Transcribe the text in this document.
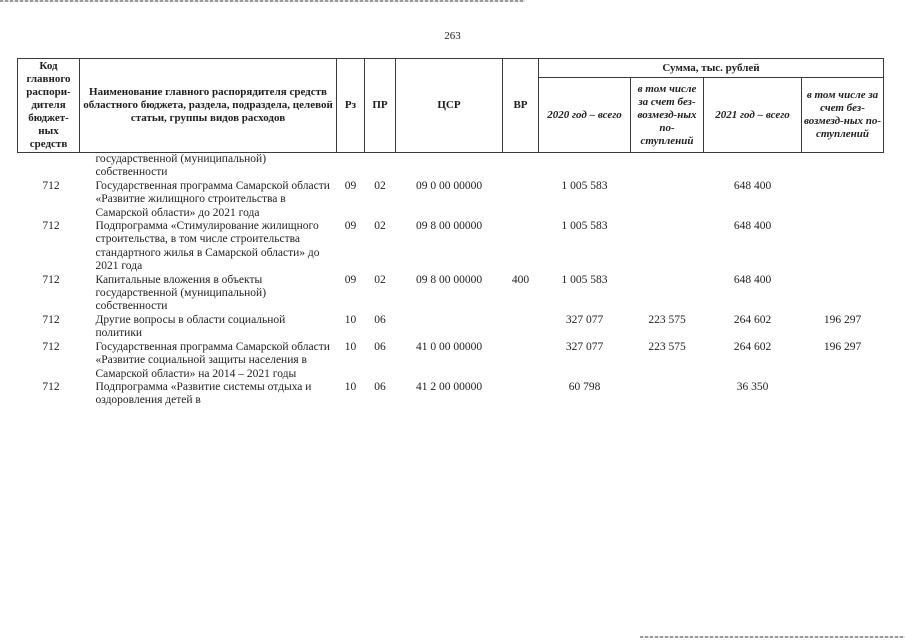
263
Код главного распори-дителя бюджет-ных средств	Наименование главного распорядителя средств областного бюджета, раздела, подраздела, целевой статьи, группы видов расходов	Рз	ПР	ЦСР	ВР	Сумма, тыс. рублей			
						2020 год – всего	в том числе за счет без-возмезд-ных по-ступлений	2021 год – всего	в том числе за счет без-возмезд-ных по-ступлений
	государственной (муниципальной) собственности								
712	Государственная программа Самарской области «Развитие жилищного строительства в Самарской области» до 2021 года	09	02	09 0 00 00000		1 005 583		648 400	
712	Подпрограмма «Стимулирование жилищного строительства, в том числе строительства стандартного жилья в Самарской области» до 2021 года	09	02	09 8 00 00000		1 005 583		648 400	
712	Капитальные вложения в объекты государственной (муниципальной) собственности	09	02	09 8 00 00000	400	1 005 583		648 400	
712	Другие вопросы в области социальной политики	10	06			327 077	223 575	264 602	196 297
712	Государственная программа Самарской области «Развитие социальной защиты населения в Самарской области» на 2014 – 2021 годы	10	06	41 0 00 00000		327 077	223 575	264 602	196 297
712	Подпрограмма «Развитие системы отдыха и оздоровления детей в	10	06	41 2 00 00000		60 798		36 350	
